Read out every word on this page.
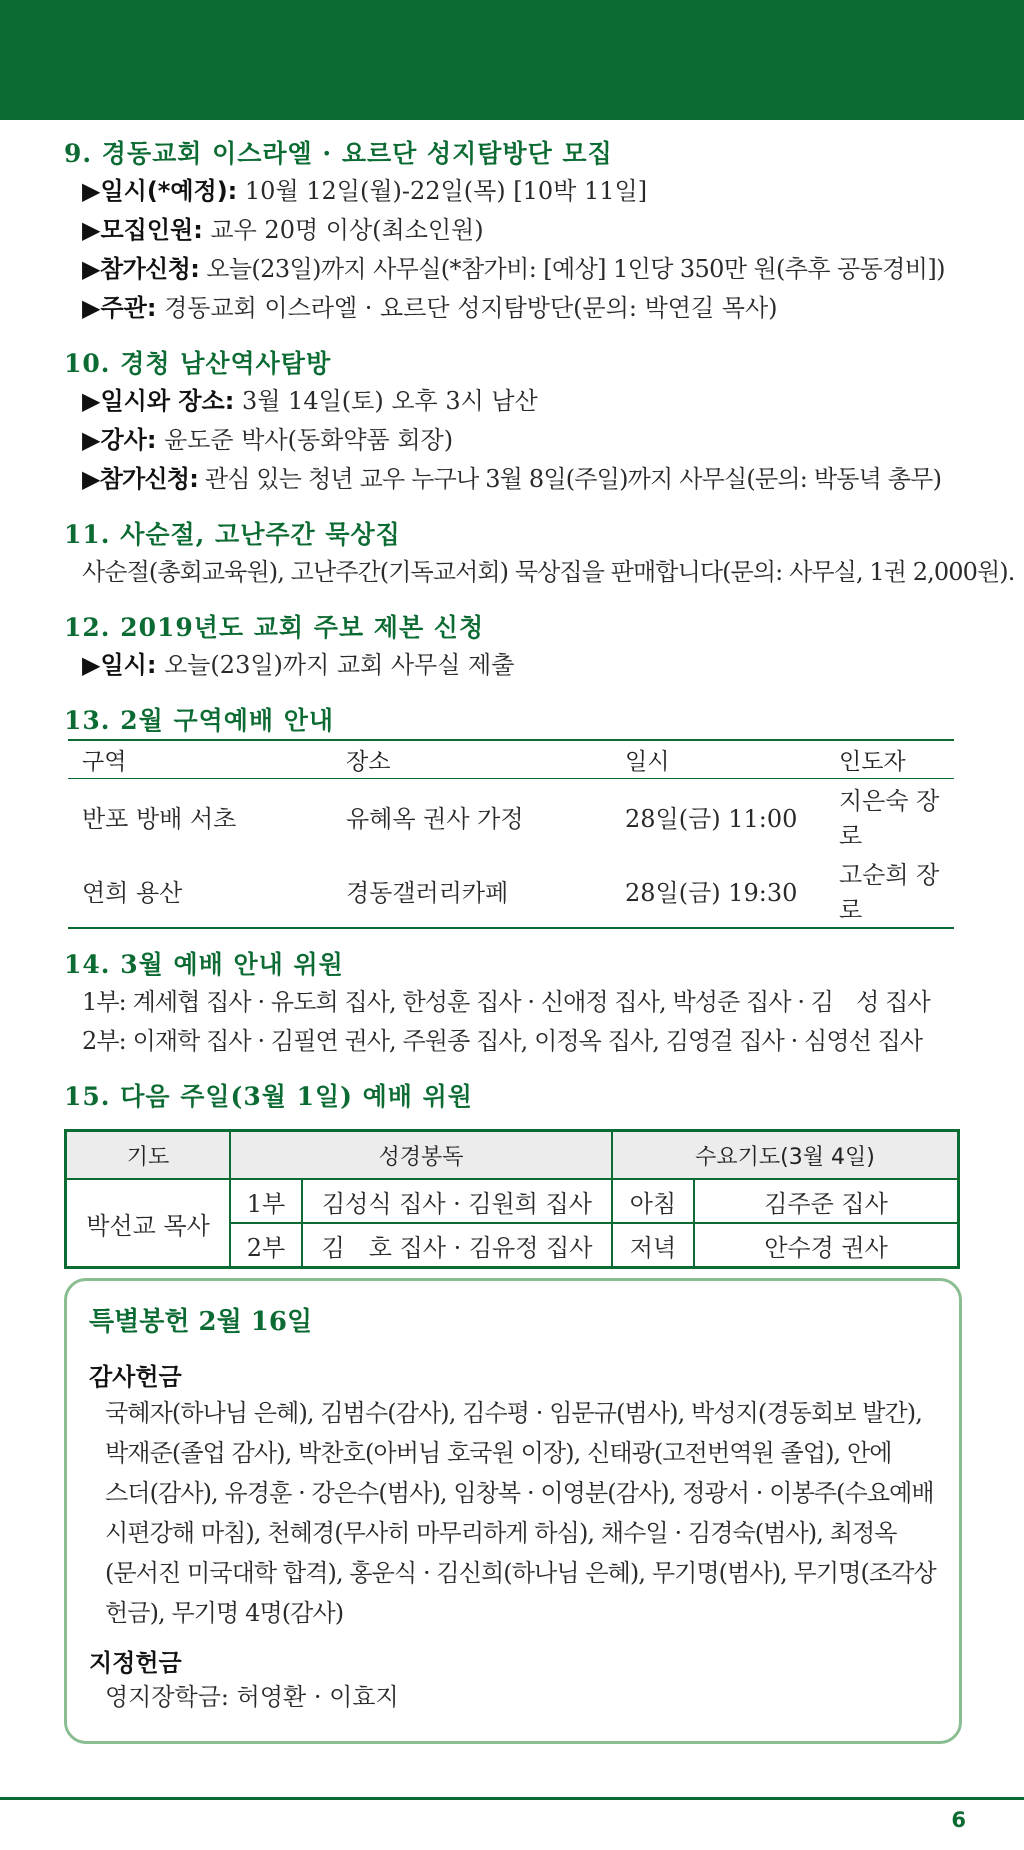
9. 경동교회 이스라엘 · 요르단 성지탐방단 모집
▶일시(*예정): 10월 12일(월)-22일(목) [10박 11일]
▶모집인원: 교우 20명 이상(최소인원)
▶참가신청: 오늘(23일)까지 사무실(*참가비: [예상] 1인당 350만 원(추후 공동경비])
▶주관: 경동교회 이스라엘 · 요르단 성지탐방단(문의: 박연길 목사)
10. 경청 남산역사탐방
▶일시와 장소: 3월 14일(토) 오후 3시 남산
▶강사: 윤도준 박사(동화약품 회장)
▶참가신청: 관심 있는 청년 교우 누구나 3월 8일(주일)까지 사무실(문의: 박동녁 총무)
11. 사순절, 고난주간 묵상집
사순절(총회교육원), 고난주간(기독교서회) 묵상집을 판매합니다(문의: 사무실, 1권 2,000원).
12. 2019년도 교회 주보 제본 신청
▶일시: 오늘(23일)까지 교회 사무실 제출
13. 2월 구역예배 안내
구역	장소	일시	인도자
반포 방배 서초	유혜옥 권사 가정	28일(금) 11:00	지은숙 장로
연희 용산	경동갤러리카페	28일(금) 19:30	고순희 장로
14. 3월 예배 안내 위원
1부: 계세협 집사 · 유도희 집사, 한성훈 집사 · 신애정 집사, 박성준 집사 · 김　성 집사
2부: 이재학 집사 · 김필연 권사, 주원종 집사, 이정옥 집사, 김영걸 집사 · 심영선 집사
15. 다음 주일(3월 1일) 예배 위원
기도	성경봉독		수요기도(3월 4일)	
박선교 목사	1부	김성식 집사 · 김원희 집사	아침	김주준 집사
	2부	김　호 집사 · 김유정 집사	저녁	안수경 권사
특별봉헌 2월 16일
감사헌금
국혜자(하나님 은혜), 김범수(감사), 김수평 · 임문규(범사), 박성지(경동회보 발간),
박재준(졸업 감사), 박찬호(아버님 호국원 이장), 신태광(고전번역원 졸업), 안에
스더(감사), 유경훈 · 강은수(범사), 임창복 · 이영분(감사), 정광서 · 이봉주(수요예배
시편강해 마침), 천혜경(무사히 마무리하게 하심), 채수일 · 김경숙(범사), 최정옥
(문서진 미국대학 합격), 홍운식 · 김신희(하나님 은혜), 무기명(범사), 무기명(조각상
헌금), 무기명 4명(감사)
지정헌금
영지장학금: 허영환 · 이효지
6
